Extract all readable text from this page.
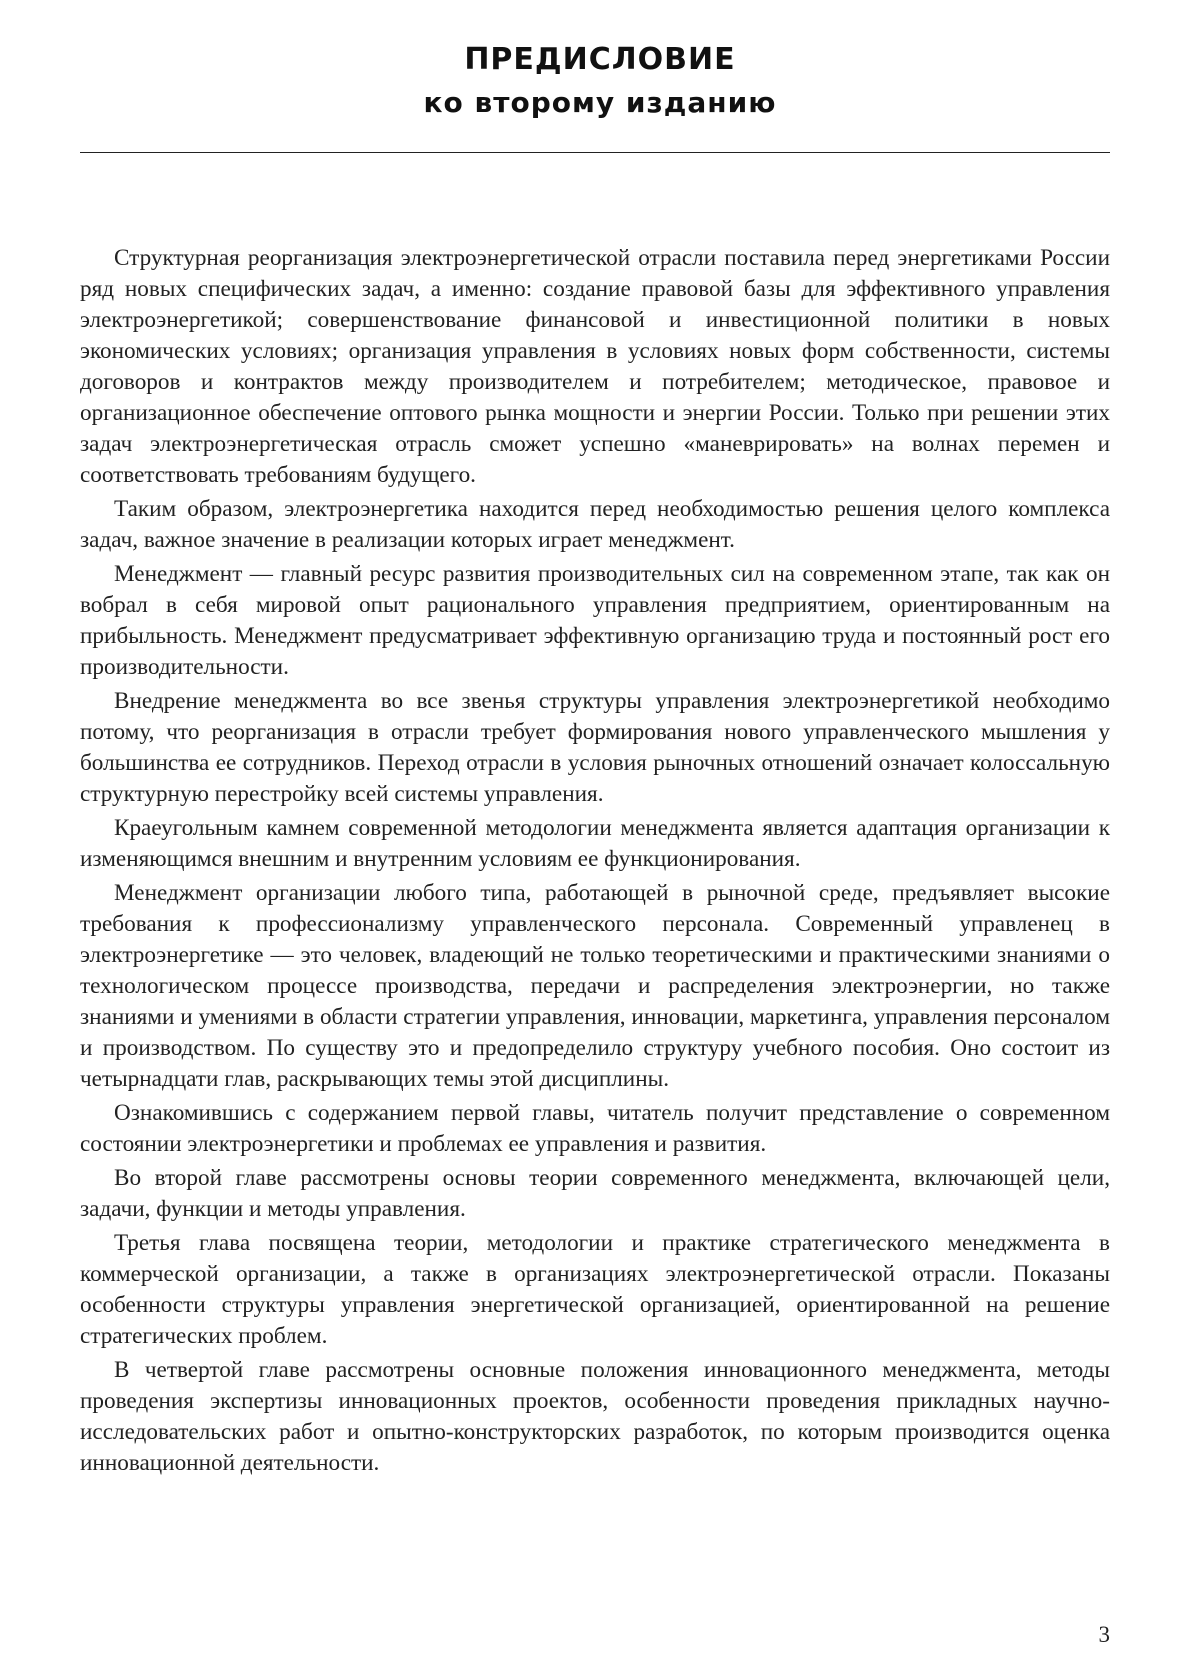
ПРЕДИСЛОВИЕ
ко второму изданию

Структурная реорганизация электроэнергетической отрасли поставила перед энергетиками России ряд новых специфических задач, а именно: создание правовой базы для эффективного управления электроэнергетикой; совершенствование финансовой и инвестиционной политики в новых экономических условиях; организация управления в условиях новых форм собственности, системы договоров и контрактов между производителем и потребителем; методическое, правовое и организационное обеспечение оптового рынка мощности и энергии России. Только при решении этих задач электроэнергетическая отрасль сможет успешно «маневрировать» на волнах перемен и соответствовать требованиям будущего.

Таким образом, электроэнергетика находится перед необходимостью решения целого комплекса задач, важное значение в реализации которых играет менеджмент.

Менеджмент — главный ресурс развития производительных сил на современном этапе, так как он вобрал в себя мировой опыт рационального управления предприятием, ориентированным на прибыльность. Менеджмент предусматривает эффективную организацию труда и постоянный рост его производительности.

Внедрение менеджмента во все звенья структуры управления электроэнергетикой необходимо потому, что реорганизация в отрасли требует формирования нового управленческого мышления у большинства ее сотрудников. Переход отрасли в условия рыночных отношений означает колоссальную структурную перестройку всей системы управления.

Краеугольным камнем современной методологии менеджмента является адаптация организации к изменяющимся внешним и внутренним условиям ее функционирования.

Менеджмент организации любого типа, работающей в рыночной среде, предъявляет высокие требования к профессионализму управленческого персонала. Современный управленец в электроэнергетике — это человек, владеющий не только теоретическими и практическими знаниями о технологическом процессе производства, передачи и распределения электроэнергии, но также знаниями и умениями в области стратегии управления, инновации, маркетинга, управления персоналом и производством. По существу это и предопределило структуру учебного пособия. Оно состоит из четырнадцати глав, раскрывающих темы этой дисциплины.

Ознакомившись с содержанием первой главы, читатель получит представление о современном состоянии электроэнергетики и проблемах ее управления и развития.

Во второй главе рассмотрены основы теории современного менеджмента, включающей цели, задачи, функции и методы управления.

Третья глава посвящена теории, методологии и практике стратегического менеджмента в коммерческой организации, а также в организациях электроэнергетической отрасли. Показаны особенности структуры управления энергетической организацией, ориентированной на решение стратегических проблем.

В четвертой главе рассмотрены основные положения инновационного менеджмента, методы проведения экспертизы инновационных проектов, особенности проведения прикладных научно-исследовательских работ и опытно-конструкторских разработок, по которым производится оценка инновационной деятельности.

3
